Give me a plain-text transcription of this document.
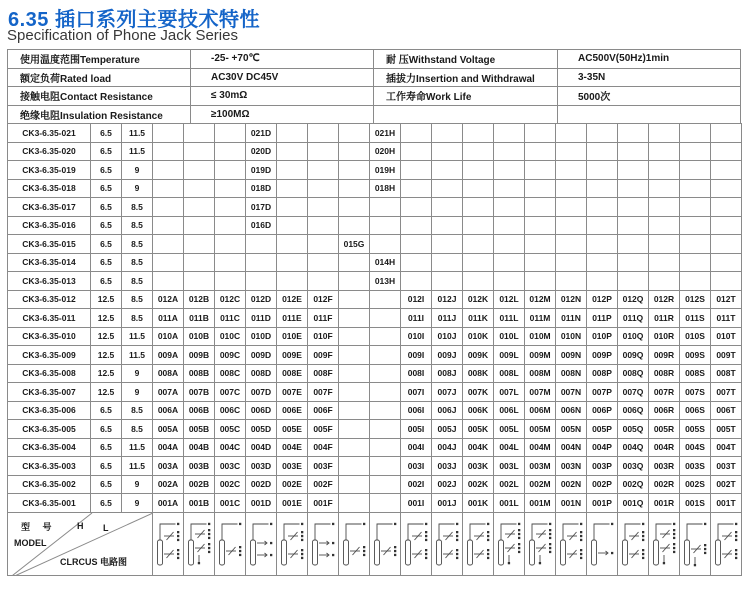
6.35 插口系列主要技术特性
Specification of Phone Jack Series
使用温度范围Temperature	-25- +70℃	耐 压Withstand Voltage	AC500V(50Hz)1min
额定负荷Rated load	AC30V DC45V	插拔力Insertion and Withdrawal	3-35N
接触电阻Contact Resistance	≤ 30mΩ	工作寿命Work Life	5000次
绝缘电阻Insulation Resistance	≥100MΩ		
CK3-6.35-021	6.5	11.5				021D				021H											
CK3-6.35-020	6.5	11.5				020D				020H											
CK3-6.35-019	6.5	9				019D				019H											
CK3-6.35-018	6.5	9				018D				018H											
CK3-6.35-017	6.5	8.5				017D															
CK3-6.35-016	6.5	8.5				016D															
CK3-6.35-015	6.5	8.5							015G												
CK3-6.35-014	6.5	8.5								014H											
CK3-6.35-013	6.5	8.5								013H											
CK3-6.35-012	12.5	8.5	012A	012B	012C	012D	012E	012F			012I	012J	012K	012L	012M	012N	012P	012Q	012R	012S	012T
CK3-6.35-011	12.5	8.5	011A	011B	011C	011D	011E	011F			011I	011J	011K	011L	011M	011N	011P	011Q	011R	011S	011T
CK3-6.35-010	12.5	11.5	010A	010B	010C	010D	010E	010F			010I	010J	010K	010L	010M	010N	010P	010Q	010R	010S	010T
CK3-6.35-009	12.5	11.5	009A	009B	009C	009D	009E	009F			009I	009J	009K	009L	009M	009N	009P	009Q	009R	009S	009T
CK3-6.35-008	12.5	9	008A	008B	008C	008D	008E	008F			008I	008J	008K	008L	008M	008N	008P	008Q	008R	008S	008T
CK3-6.35-007	12.5	9	007A	007B	007C	007D	007E	007F			007I	007J	007K	007L	007M	007N	007P	007Q	007R	007S	007T
CK3-6.35-006	6.5	8.5	006A	006B	006C	006D	006E	006F			006I	006J	006K	006L	006M	006N	006P	006Q	006R	006S	006T
CK3-6.35-005	6.5	8.5	005A	005B	005C	005D	005E	005F			005I	005J	005K	005L	005M	005N	005P	005Q	005R	005S	005T
CK3-6.35-004	6.5	11.5	004A	004B	004C	004D	004E	004F			004I	004J	004K	004L	004M	004N	004P	004Q	004R	004S	004T
CK3-6.35-003	6.5	11.5	003A	003B	003C	003D	003E	003F			003I	003J	003K	003L	003M	003N	003P	003Q	003R	003S	003T
CK3-6.35-002	6.5	9	002A	002B	002C	002D	002E	002F			002I	002J	002K	002L	002M	002N	002P	002Q	002R	002S	002T
CK3-6.35-001	6.5	9	001A	001B	001C	001D	001E	001F			001I	001J	001K	001L	001M	001N	001P	001Q	001R	001S	001T

型 号
MODEL
H L
CLRCUS 电路图
